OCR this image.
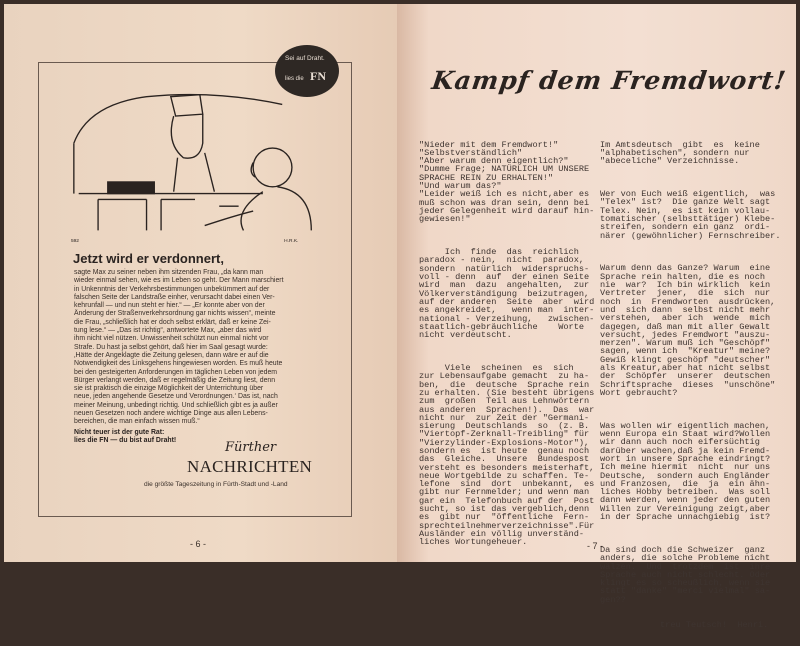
Sei auf Draht.
lies die FN
592	H.R.K.
Jetzt wird er verdonnert,
sagte Max zu seiner neben ihm sitzenden Frau, „da kann man
wieder einmal sehen, wie es im Leben so geht. Der Mann marschiert
in Unkenntnis der Verkehrsbestimmungen unbekümmert auf der
falschen Seite der Landstraße einher, verursacht dabei einen Ver-
kehrunfall — und nun steht er hier.“ — „Er konnte aber von der
Änderung der Straßenverkehrsordnung gar nichts wissen“, meinte
die Frau, „schließlich hat er doch selbst erklärt, daß er keine Zei-
tung lese.“ — „Das ist richtig“, antwortete Max, „aber das wird
ihm nicht viel nützen. Unwissenheit schützt nun einmal nicht vor
Strafe. Du hast ja selbst gehört, daß hier im Saal gesagt wurde:
‚Hätte der Angeklagte die Zeitung gelesen, dann wäre er auf die
Notwendigkeit des Linksgehens hingewiesen worden. Es muß heute
bei den gesteigerten Anforderungen im täglichen Leben von jedem
Bürger verlangt werden, daß er regelmäßig die Zeitung liest, denn
sie ist praktisch die einzige Möglichkeit der Unterrichtung über
neue, jeden angehende Gesetze und Verordnungen.‘ Das ist, nach
meiner Meinung, unbedingt richtig. Und schließlich gibt es ja außer
neuen Gesetzen noch andere wichtige Dinge aus allen Lebens-
bereichen, die man einfach wissen muß.“
Nicht teuer ist der gute Rat:
lies die FN — du bist auf Draht!	Fürther
NACHRICHTEN
die größte Tageszeitung in Fürth-Stadt und -Land
- 6 -
Kampf dem Fremdwort!

"Nieder mit dem Fremdwort!"
"Selbstverständlich"
"Aber warum denn eigentlich?"
"Dumme Frage; NATÜRLICH UM UNSERE
SPRACHE REIN ZU ERHALTEN!"
"Und warum das?"
"Leider weiß ich es nicht,aber es
muß schon was dran sein, denn bei
jeder Gelegenheit wird darauf hin-
gewiesen!"

Ich  finde  das  reichlich
paradox - nein,  nicht  paradox,
sondern  natürlich  widerspruchs-
voll - denn  auf  der einen Seite
wird  man  dazu  angehalten,  zur
Völkerverständigung  beizutragen,
auf der anderen  Seite  aber  wird
es angekreidet,   wenn man  inter-
national - Verzeihung,   zwischen-
staatlich-gebräuchliche    Worte
nicht verdeutscht.

Viele  scheinen  es  sich
zur Lebensaufgabe gemacht  zu ha-
ben,  die  deutsche  Sprache rein
zu erhalten. (Sie besteht übrigens
zum  großen  Teil aus Lehnwörtern
aus anderen  Sprachen!).  Das  war
nicht nur  zur Zeit der "Germani-
sierung  Deutschlands  so  (z. B.
"Viertopf-Zerknall-Treibling" für
"Vierzylinder-Explosions-Motor"),
sondern es  ist heute  genau noch
das  Gleiche.  Unsere  Bundespost
versteht es besonders meisterhaft,
neue Wortgebilde zu schaffen. Te-
lefone  sind  dort  unbekannt,  es
gibt nur Fernmelder; und wenn man
gar ein  Telefonbuch auf der  Post
sucht, so ist das vergeblich,denn
es  gibt nur  "öffentliche  Fern-
sprechteilnehmerverzeichnisse".Für
Ausländer ein völlig unverständ-
liches Wortungeheuer.

Im Amtsdeutsch  gibt  es  keine
"alphabetischen", sondern nur
"abeceliche" Verzeichnisse.

Wer von Euch weiß eigentlich,  was
"Telex" ist?  Die ganze Welt sagt
Telex. Nein,  es ist kein vollau-
tomatischer (selbsttätiger) Klebe-
streifen, sondern ein ganz  ordi-
närer (gewöhnlicher) Fernschreiber.

Warum denn das Ganze? Warum  eine
Sprache rein halten, die es noch
nie  war?  Ich bin wirklich  kein
Vertreter  jener,  die  sich  nur
noch  in  Fremdworten  ausdrücken,
und  sich dann  selbst nicht mehr
verstehen,  aber ich  wende  mich
dagegen, daß man mit aller Gewalt
versucht, jedes Fremdwort "auszu-
merzen". Warum muß ich "Geschöpf"
sagen, wenn ich  "Kreatur" meine?
Gewiß klingt geschöpf "deutscher"
als Kreatur,aber hat nicht selbst
der  Schöpfer  unserer  deutschen
Schriftsprache  dieses  "unschöne"
Wort gebraucht?

Was wollen wir eigentlich machen,
wenn Europa ein Staat wird?Wollen
wir dann auch noch eifersüchtig
darüber wachen,daß ja kein Fremd-
wort in unsere Sprache eindringt?
Ich meine hiermit  nicht  nur uns
Deutsche,  sondern auch Engländer
und Franzosen,  die  ja  ein ähn-
liches Hobby betreiben.  Was soll
dann werden, wenn jeder den guten
Willen zur Vereinigung zeigt,aber
in der Sprache unnachgiebig  ist?

Da sind doch die Schweizer  ganz
anders, die solche Probleme nicht
wälzen.  Und  trotzdem  ist  ihre
Sprache auch nicht schlecht. Oder
klingt es so scheußlich, wenn sie
statt "danke" "merci vielmal" sa-
gen??

treu Teutsch!  Henri.

- 7 -
